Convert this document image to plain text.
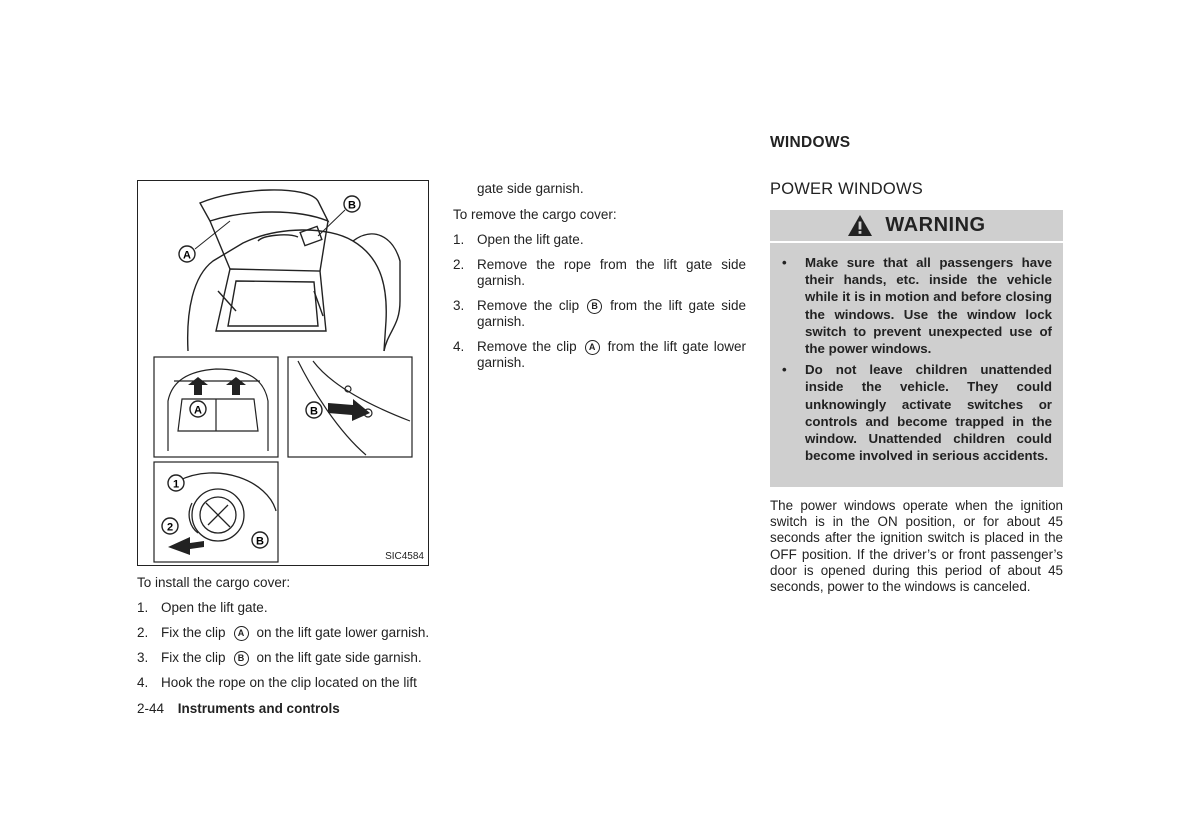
A
B
A	B
1
2
B
SIC4584
To install the cargo cover:
1. Open the lift gate.
2. Fix the clip A on the lift gate lower garnish.
3. Fix the clip B on the lift gate side garnish.
4. Hook the rope on the clip located on the lift
gate side garnish.
To remove the cargo cover:
1. Open the lift gate.
2. Remove the rope from the lift gate side garnish.
3. Remove the clip B from the lift gate side garnish.
4. Remove the clip A from the lift gate lower garnish.
WINDOWS
POWER WINDOWS
WARNING
• Make sure that all passengers have their hands, etc. inside the vehicle while it is in motion and before closing the windows. Use the window lock switch to prevent unexpected use of the power windows.
• Do not leave children unattended inside the vehicle. They could unknowingly activate switches or controls and become trapped in the window. Unattended children could become involved in serious accidents.
The power windows operate when the ignition switch is in the ON position, or for about 45 seconds after the ignition switch is placed in the OFF position. If the driver’s or front passenger’s door is opened during this period of about 45 seconds, power to the windows is canceled.
2-44 Instruments and controls
